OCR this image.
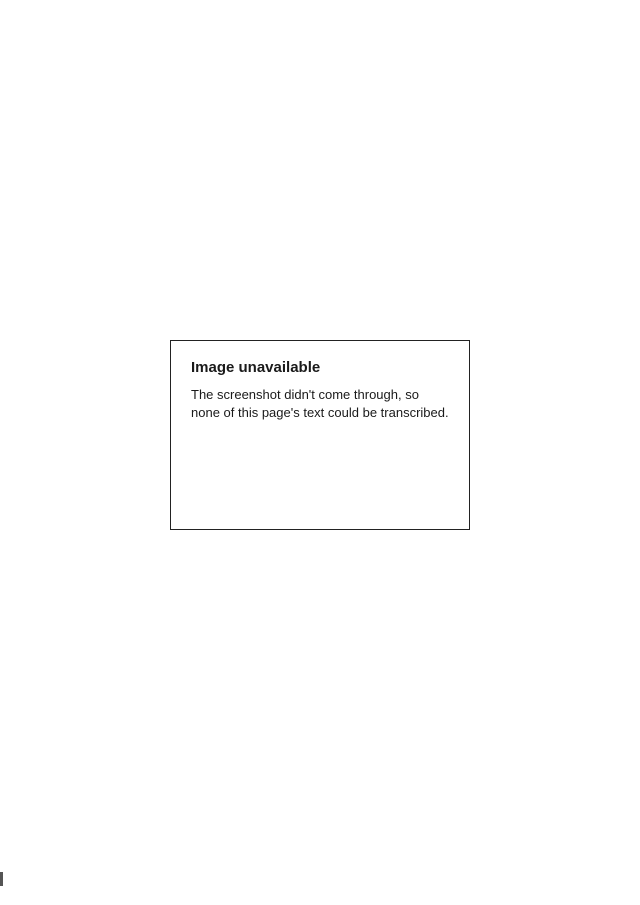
Image unavailable

The screenshot didn't come through, so none of this page's text could be transcribed.
